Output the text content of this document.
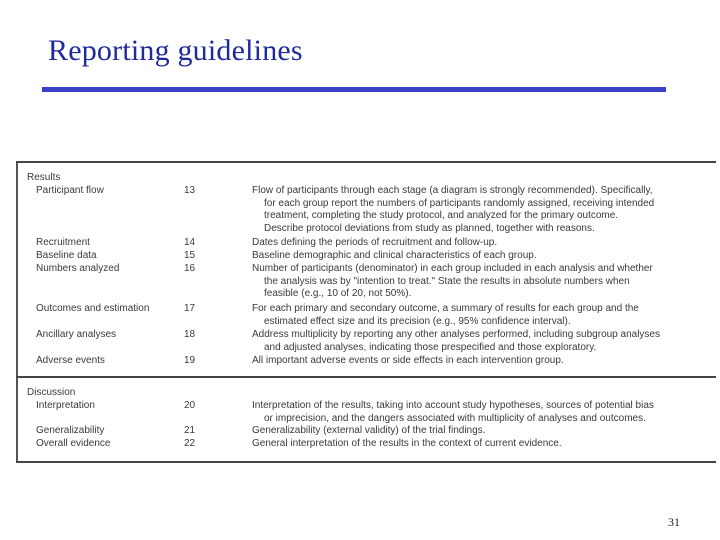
Reporting guidelines
Results
Participant flow	13	Flow of participants through each stage (a diagram is strongly recommended). Specifically,
for each group report the numbers of participants randomly assigned, receiving intended
treatment, completing the study protocol, and analyzed for the primary outcome.
Describe protocol deviations from study as planned, together with reasons.
Recruitment	14	Dates defining the periods of recruitment and follow-up.
Baseline data	15	Baseline demographic and clinical characteristics of each group.
Numbers analyzed	16	Number of participants (denominator) in each group included in each analysis and whether
the analysis was by "intention to treat." State the results in absolute numbers when
feasible (e.g., 10 of 20, not 50%).
Outcomes and estimation	17	For each primary and secondary outcome, a summary of results for each group and the
estimated effect size and its precision (e.g., 95% confidence interval).
Ancillary analyses	18	Address multiplicity by reporting any other analyses performed, including subgroup analyses
and adjusted analyses, indicating those prespecified and those exploratory.
Adverse events	19	All important adverse events or side effects in each intervention group.
Discussion
Interpretation	20	Interpretation of the results, taking into account study hypotheses, sources of potential bias
or imprecision, and the dangers associated with multiplicity of analyses and outcomes.
Generalizability	21	Generalizability (external validity) of the trial findings.
Overall evidence	22	General interpretation of the results in the context of current evidence.
31
